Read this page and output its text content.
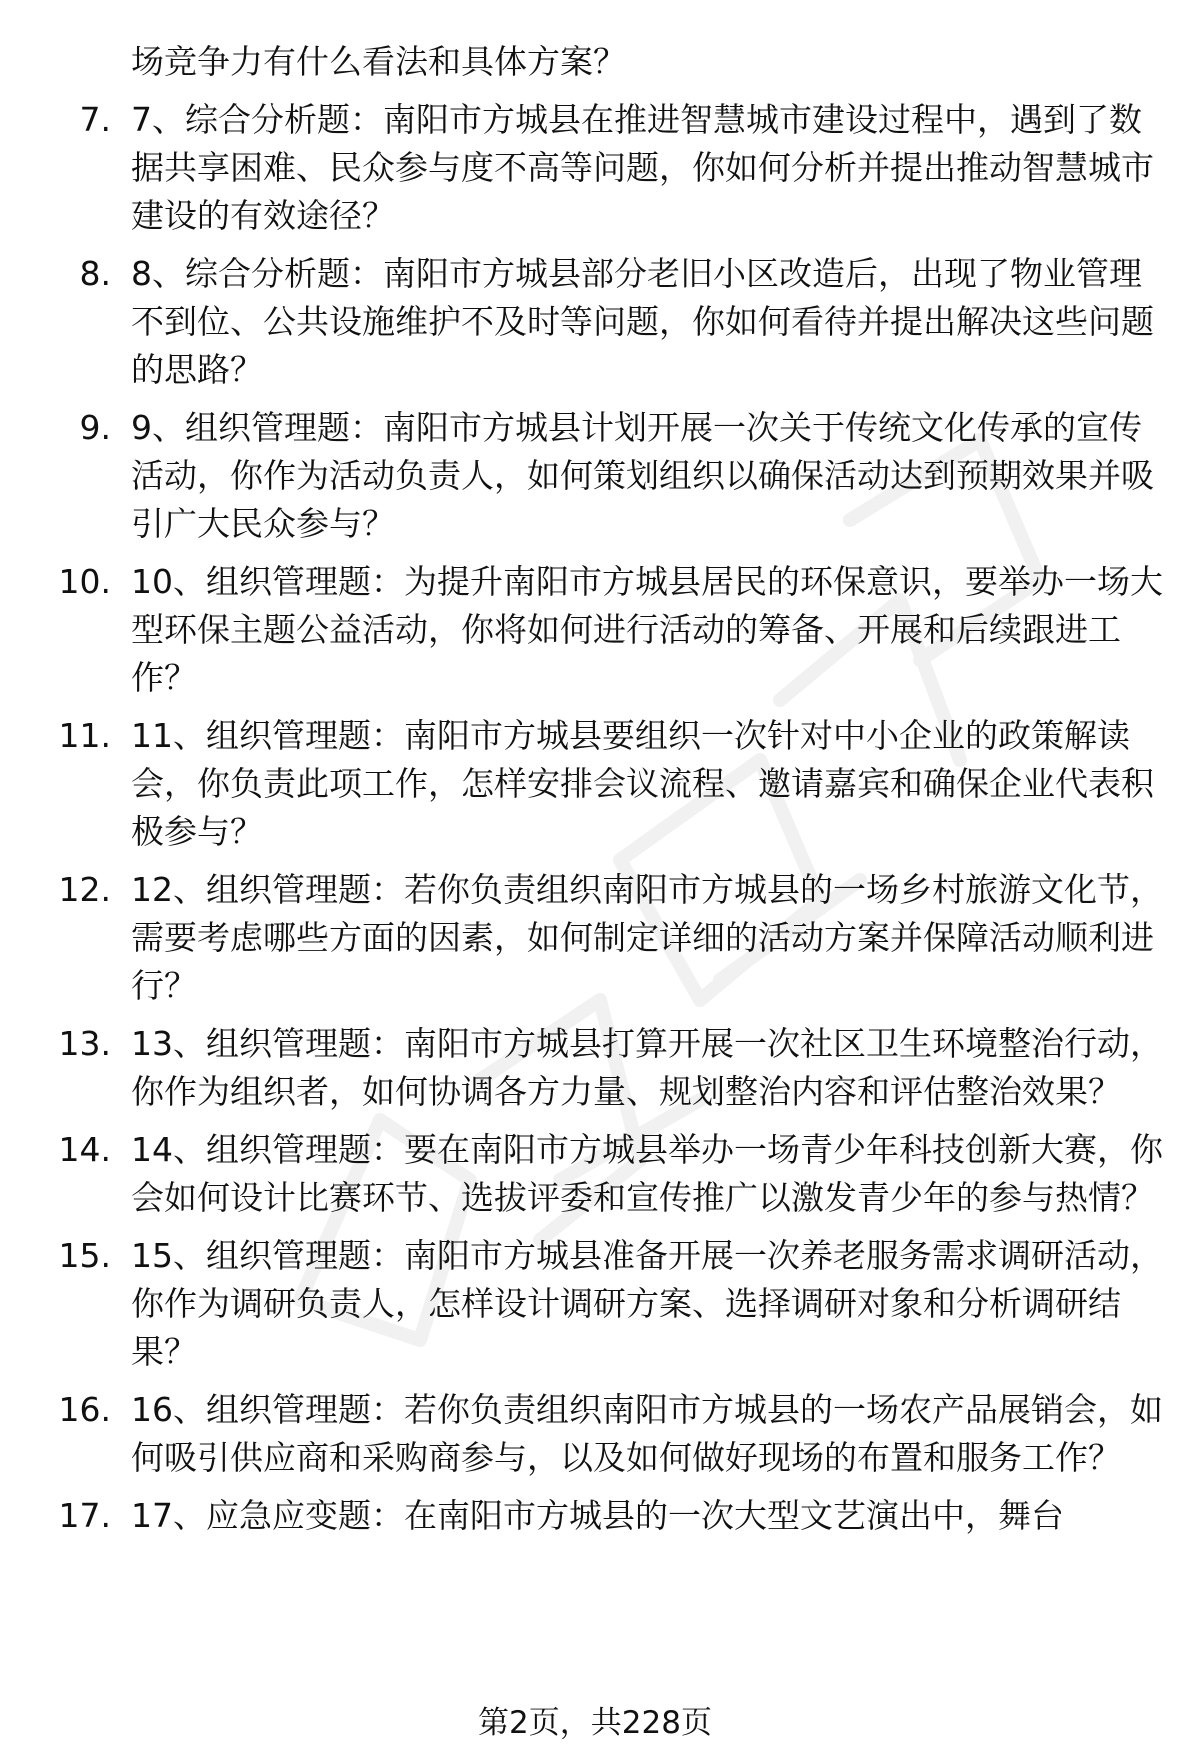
场竞争力有什么看法和具体方案？
7. 7、综合分析题：南阳市方城县在推进智慧城市建设过程中，遇到了数据共享困难、民众参与度不高等问题，你如何分析并提出推动智慧城市建设的有效途径？
8. 8、综合分析题：南阳市方城县部分老旧小区改造后，出现了物业管理不到位、公共设施维护不及时等问题，你如何看待并提出解决这些问题的思路？
9. 9、组织管理题：南阳市方城县计划开展一次关于传统文化传承的宣传活动，你作为活动负责人，如何策划组织以确保活动达到预期效果并吸引广大民众参与？
10. 10、组织管理题：为提升南阳市方城县居民的环保意识，要举办一场大型环保主题公益活动，你将如何进行活动的筹备、开展和后续跟进工作？
11. 11、组织管理题：南阳市方城县要组织一次针对中小企业的政策解读会，你负责此项工作，怎样安排会议流程、邀请嘉宾和确保企业代表积极参与？
12. 12、组织管理题：若你负责组织南阳市方城县的一场乡村旅游文化节，需要考虑哪些方面的因素，如何制定详细的活动方案并保障活动顺利进行？
13. 13、组织管理题：南阳市方城县打算开展一次社区卫生环境整治行动，你作为组织者，如何协调各方力量、规划整治内容和评估整治效果？
14. 14、组织管理题：要在南阳市方城县举办一场青少年科技创新大赛，你会如何设计比赛环节、选拔评委和宣传推广以激发青少年的参与热情？
15. 15、组织管理题：南阳市方城县准备开展一次养老服务需求调研活动，你作为调研负责人，怎样设计调研方案、选择调研对象和分析调研结果？
16. 16、组织管理题：若你负责组织南阳市方城县的一场农产品展销会，如何吸引供应商和采购商参与，以及如何做好现场的布置和服务工作？
17. 17、应急应变题：在南阳市方城县的一次大型文艺演出中，舞台
第2页，共228页
